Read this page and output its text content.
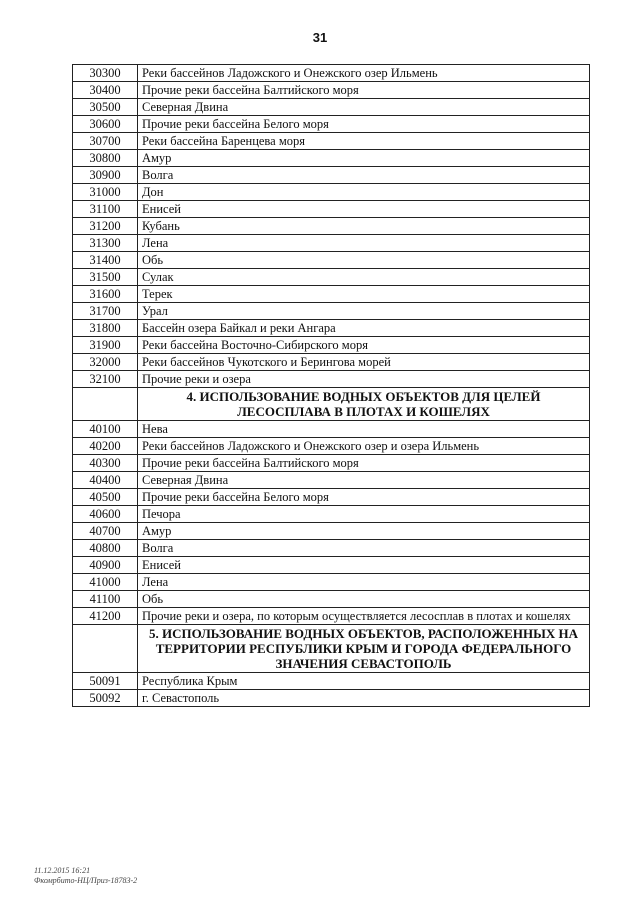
31
30300	Реки бассейнов Ладожского и Онежского озер Ильмень
30400	Прочие реки бассейна Балтийского моря
30500	Северная Двина
30600	Прочие реки бассейна Белого моря
30700	Реки бассейна Баренцева моря
30800	Амур
30900	Волга
31000	Дон
31100	Енисей
31200	Кубань
31300	Лена
31400	Обь
31500	Сулак
31600	Терек
31700	Урал
31800	Бассейн озера Байкал и реки Ангара
31900	Реки бассейна Восточно-Сибирского моря
32000	Реки бассейнов Чукотского и Берингова морей
32100	Прочие реки и озера
	4. ИСПОЛЬЗОВАНИЕ ВОДНЫХ ОБЪЕКТОВ ДЛЯ ЦЕЛЕЙ ЛЕСОСПЛАВА В ПЛОТАХ И КОШЕЛЯХ
40100	Нева
40200	Реки бассейнов Ладожского и Онежского озер и озера Ильмень
40300	Прочие реки бассейна Балтийского моря
40400	Северная Двина
40500	Прочие реки бассейна Белого моря
40600	Печора
40700	Амур
40800	Волга
40900	Енисей
41000	Лена
41100	Обь
41200	Прочие реки и озера, по которым осуществляется лесосплав в плотах и кошелях
	5. ИСПОЛЬЗОВАНИЕ ВОДНЫХ ОБЪЕКТОВ, РАСПОЛОЖЕННЫХ НА ТЕРРИТОРИИ РЕСПУБЛИКИ КРЫМ И ГОРОДА ФЕДЕРАЛЬНОГО ЗНАЧЕНИЯ СЕВАСТОПОЛЬ
50091	Республика Крым
50092	г. Севастополь
11.12.2015 16:21
Фкомрбито-НЦ/Приз-1878З-2
